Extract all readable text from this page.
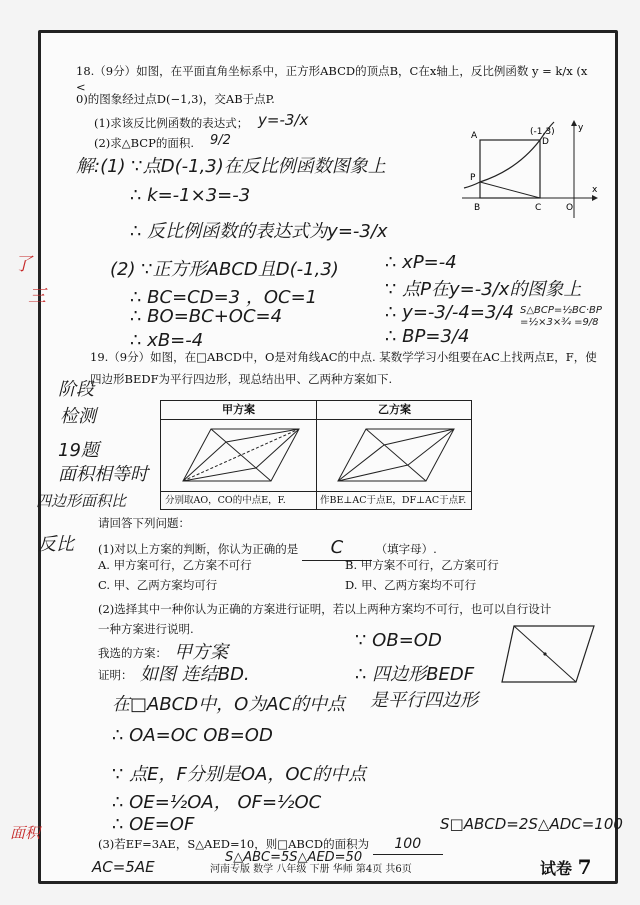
18.（9分）如图，在平面直角坐标系中，正方形ABCD的顶点B，C在x轴上，反比例函数 y = k/x (x <
0)的图象经过点D(−1,3)，交AB于点P.
(1)求该反比例函数的表达式； y=-3/x
(2)求△BCP的面积. 9/2
解:(1) ∵点D(-1,3)在反比例函数图象上
∴ k=-1×3=-3
∴ 反比例函数的表达式为y=-3/x
(2) ∵正方形ABCD且D(-1,3)
∴ BC=CD=3 ，OC=1
∴ BO=BC+OC=4
∴ xB=-4
∴ xP=-4
∵ 点P在y=-3/x的图象上
∴ y=-3/-4=3/4
∴ BP=3/4
S△BCP=½BC·BP =½×3×¾ =9/8
A
D
P
B	C	O
x
y
(-1,3)
19.（9分）如图，在□ABCD中，O是对角线AC的中点. 某数学学习小组要在AC上找两点E，F，使
四边形BEDF为平行四边形，现总结出甲、乙两种方案如下.
甲方案	乙方案
分别取AO，CO的中点E，F.	作BE⊥AC于点E，DF⊥AC于点F.
请回答下列问题：
(1)对以上方案的判断，你认为正确的是 C	（填字母）.
A. 甲方案可行，乙方案不可行	B. 甲方案不可行，乙方案可行
C. 甲、乙两方案均可行	D. 甲、乙两方案均不可行
(2)选择其中一种你认为正确的方案进行证明，若以上两种方案均不可行，也可以自行设计
一种方案进行说明.
我选的方案： 甲方案
证明： 如图 连结BD.
在□ABCD中，O为AC的中点
∴ OA=OC OB=OD
∵ 点E，F分别是OA，OC的中点
∴ OE=½OA， OF=½OC
∴ OE=OF
∵ OB=OD
∴ 四边形BEDF
是平行四边形
(3)若EF=3AE，S△AED=10，则□ABCD的面积为 100
S□ABCD=2S△ADC=100
AC=5AE
S△ABC=5S△AED=50
阶段
检测
19题
面积相等时
四边形面积比
反比
了
三
面积
河南专版 数学 八年级 下册 华师 第4页 共6页	试卷 7
